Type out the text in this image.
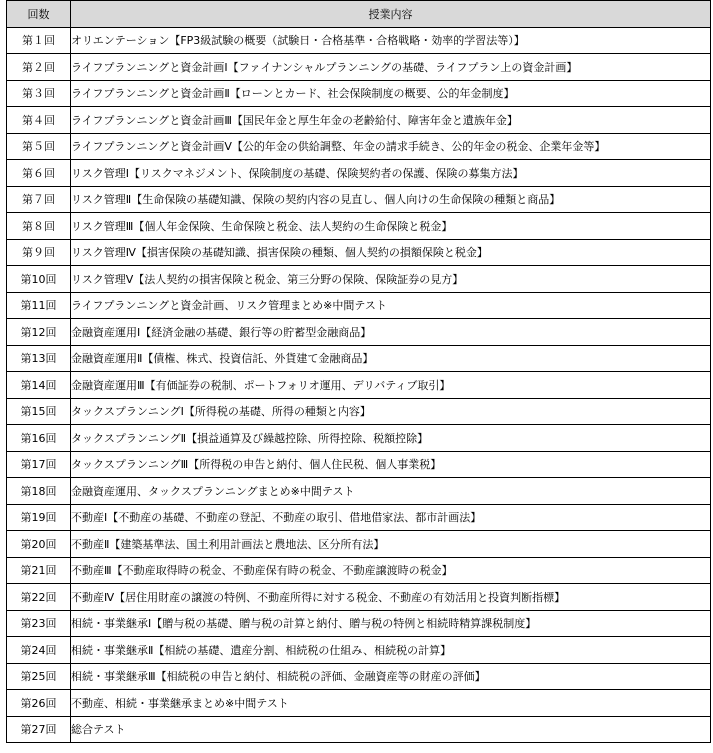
回数	授業内容
第１回	オリエンテーション【FP3級試験の概要（試験日・合格基準・合格戦略・効率的学習法等）】
第２回	ライフプランニングと資金計画Ⅰ【ファイナンシャルプランニングの基礎、ライフプラン上の資金計画】
第３回	ライフプランニングと資金計画Ⅱ【ローンとカード、社会保険制度の概要、公的年金制度】
第４回	ライフプランニングと資金計画Ⅲ【国民年金と厚生年金の老齢給付、障害年金と遺族年金】
第５回	ライフプランニングと資金計画Ⅴ【公的年金の供給調整、年金の請求手続き、公的年金の税金、企業年金等】
第６回	リスク管理Ⅰ【リスクマネジメント、保険制度の基礎、保険契約者の保護、保険の募集方法】
第７回	リスク管理Ⅱ【生命保険の基礎知識、保険の契約内容の見直し、個人向けの生命保険の種類と商品】
第８回	リスク管理Ⅲ【個人年金保険、生命保険と税金、法人契約の生命保険と税金】
第９回	リスク管理Ⅳ【損害保険の基礎知識、損害保険の種類、個人契約の損額保険と税金】
第10回	リスク管理Ⅴ【法人契約の損害保険と税金、第三分野の保険、保険証券の見方】
第11回	ライフプランニングと資金計画、リスク管理まとめ※中間テスト
第12回	金融資産運用Ⅰ【経済金融の基礎、銀行等の貯蓄型金融商品】
第13回	金融資産運用Ⅱ【債権、株式、投資信託、外貨建て金融商品】
第14回	金融資産運用Ⅲ【有価証券の税制、ポートフォリオ運用、デリバティブ取引】
第15回	タックスプランニングⅠ【所得税の基礎、所得の種類と内容】
第16回	タックスプランニングⅡ【損益通算及び繰越控除、所得控除、税額控除】
第17回	タックスプランニングⅢ【所得税の申告と納付、個人住民税、個人事業税】
第18回	金融資産運用、タックスプランニングまとめ※中間テスト
第19回	不動産Ⅰ【不動産の基礎、不動産の登記、不動産の取引、借地借家法、都市計画法】
第20回	不動産Ⅱ【建築基準法、国土利用計画法と農地法、区分所有法】
第21回	不動産Ⅲ【不動産取得時の税金、不動産保有時の税金、不動産譲渡時の税金】
第22回	不動産Ⅳ【居住用財産の譲渡の特例、不動産所得に対する税金、不動産の有効活用と投資判断指標】
第23回	相続・事業継承Ⅰ【贈与税の基礎、贈与税の計算と納付、贈与税の特例と相続時精算課税制度】
第24回	相続・事業継承Ⅱ【相続の基礎、遺産分割、相続税の仕組み、相続税の計算】
第25回	相続・事業継承Ⅲ【相続税の申告と納付、相続税の評価、金融資産等の財産の評価】
第26回	不動産、相続・事業継承まとめ※中間テスト
第27回	総合テスト
